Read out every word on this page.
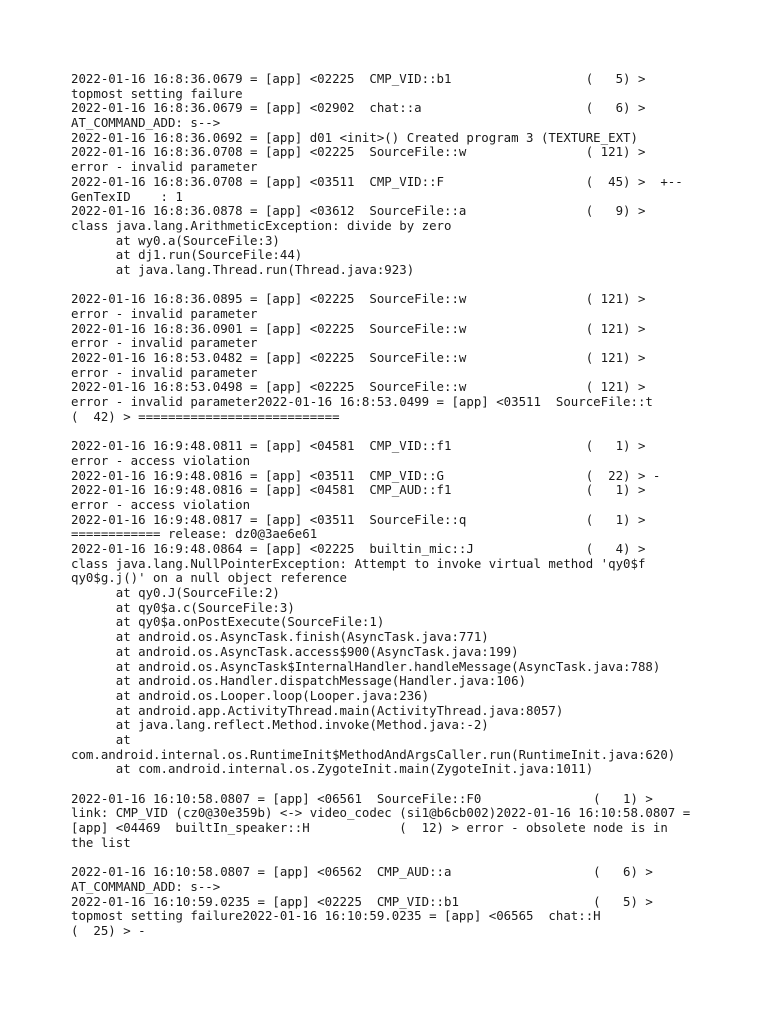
2022-01-16 16:8:36.0679 = [app] <02225  CMP_VID::b1                  (   5) >
topmost setting failure
2022-01-16 16:8:36.0679 = [app] <02902  chat::a                      (   6) >
AT_COMMAND_ADD: s-->
2022-01-16 16:8:36.0692 = [app] d01 <init>() Created program 3 (TEXTURE_EXT)
2022-01-16 16:8:36.0708 = [app] <02225  SourceFile::w                ( 121) >
error - invalid parameter
2022-01-16 16:8:36.0708 = [app] <03511  CMP_VID::F                   (  45) >  +--
GenTexID    : 1
2022-01-16 16:8:36.0878 = [app] <03612  SourceFile::a                (   9) >
class java.lang.ArithmeticException: divide by zero
at wy0.a(SourceFile:3)
at dj1.run(SourceFile:44)
at java.lang.Thread.run(Thread.java:923)
2022-01-16 16:8:36.0895 = [app] <02225  SourceFile::w                ( 121) >
error - invalid parameter
2022-01-16 16:8:36.0901 = [app] <02225  SourceFile::w                ( 121) >
error - invalid parameter
2022-01-16 16:8:53.0482 = [app] <02225  SourceFile::w                ( 121) >
error - invalid parameter
2022-01-16 16:8:53.0498 = [app] <02225  SourceFile::w                ( 121) >
error - invalid parameter2022-01-16 16:8:53.0499 = [app] <03511  SourceFile::t
(  42) > ===========================
2022-01-16 16:9:48.0811 = [app] <04581  CMP_VID::f1                  (   1) >
error - access violation
2022-01-16 16:9:48.0816 = [app] <03511  CMP_VID::G                   (  22) > -
2022-01-16 16:9:48.0816 = [app] <04581  CMP_AUD::f1                  (   1) >
error - access violation
2022-01-16 16:9:48.0817 = [app] <03511  SourceFile::q                (   1) >
============ release: dz0@3ae6e61
2022-01-16 16:9:48.0864 = [app] <02225  builtin_mic::J               (   4) >
class java.lang.NullPointerException: Attempt to invoke virtual method 'qy0$f
qy0$g.j()' on a null object reference
at qy0.J(SourceFile:2)
at qy0$a.c(SourceFile:3)
at qy0$a.onPostExecute(SourceFile:1)
at android.os.AsyncTask.finish(AsyncTask.java:771)
at android.os.AsyncTask.access$900(AsyncTask.java:199)
at android.os.AsyncTask$InternalHandler.handleMessage(AsyncTask.java:788)
at android.os.Handler.dispatchMessage(Handler.java:106)
at android.os.Looper.loop(Looper.java:236)
at android.app.ActivityThread.main(ActivityThread.java:8057)
at java.lang.reflect.Method.invoke(Method.java:-2)
at
com.android.internal.os.RuntimeInit$MethodAndArgsCaller.run(RuntimeInit.java:620)
at com.android.internal.os.ZygoteInit.main(ZygoteInit.java:1011)
2022-01-16 16:10:58.0807 = [app] <06561  SourceFile::F0               (   1) >
link: CMP_VID (cz0@30e359b) <-> video_codec (si1@b6cb002)2022-01-16 16:10:58.0807 =
[app] <04469  builtIn_speaker::H            (  12) > error - obsolete node is in
the list
2022-01-16 16:10:58.0807 = [app] <06562  CMP_AUD::a                   (   6) >
AT_COMMAND_ADD: s-->
2022-01-16 16:10:59.0235 = [app] <02225  CMP_VID::b1                  (   5) >
topmost setting failure2022-01-16 16:10:59.0235 = [app] <06565  chat::H
(  25) > -
